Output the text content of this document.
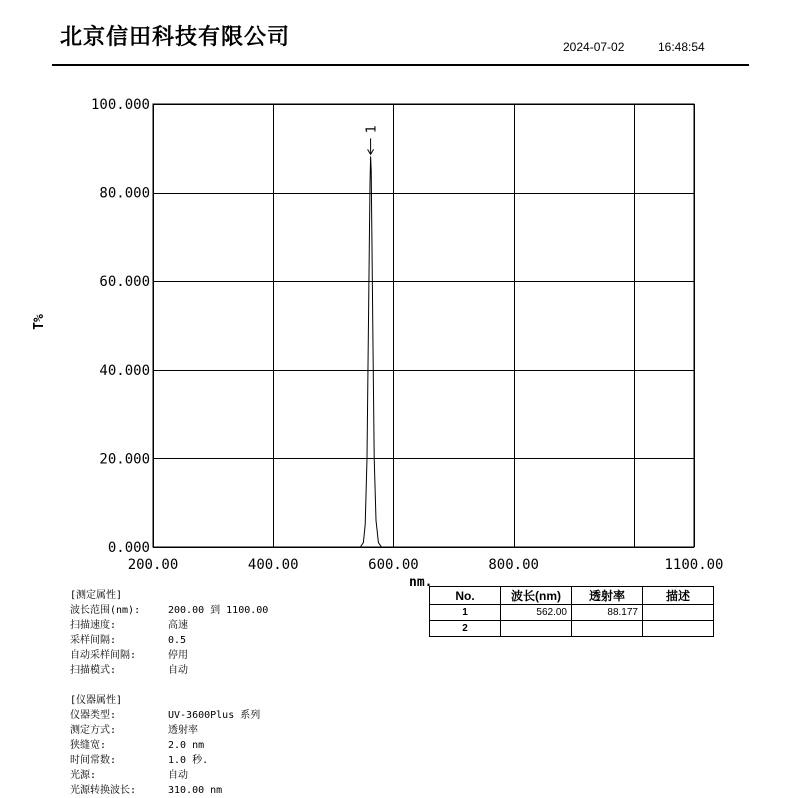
北京信田科技有限公司	2024-07-02	16:48:54
0.000
20.000
40.000
60.000
80.000
100.000
200.00	400.00	600.00	800.00	1100.00
1
T%
nm.
[测定属性]
波长范围(nm):	200.00 到 1100.00
扫描速度:	高速
采样间隔:	0.5
自动采样间隔:	停用
扫描模式:	自动
[仪器属性]
仪器类型:	UV-3600Plus 系列
测定方式:	透射率
狭缝宽:	2.0 nm
时间常数:	1.0 秒.
光源:	自动
光源转换波长:	310.00 nm
No.	波长(nm)	透射率	描述
1	562.00	88.177	
2			
